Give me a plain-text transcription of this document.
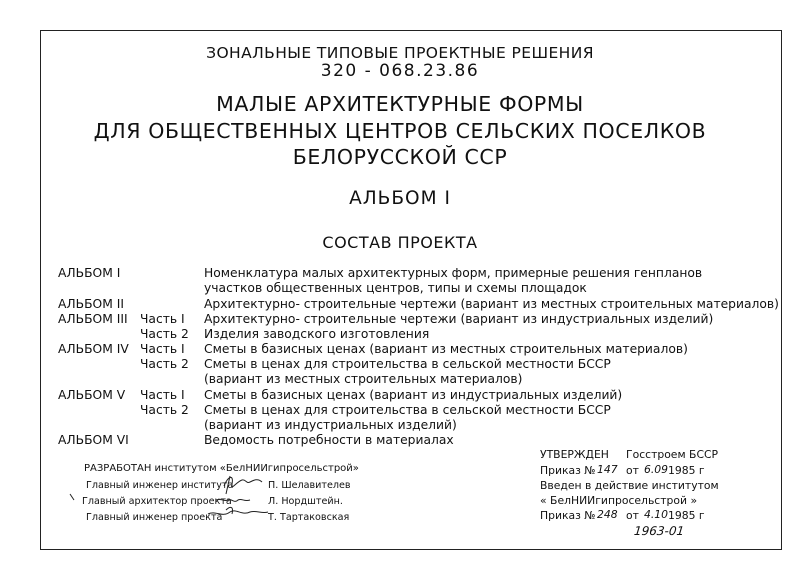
ЗОНАЛЬНЫЕ ТИПОВЫЕ ПРОЕКТНЫЕ РЕШЕНИЯ
320 - 068.23.86
МАЛЫЕ АРХИТЕКТУРНЫЕ ФОРМЫ
ДЛЯ ОБЩЕСТВЕННЫХ ЦЕНТРОВ СЕЛЬСКИХ ПОСЕЛКОВ
БЕЛОРУССКОЙ ССР
АЛЬБОМ I
СОСТАВ ПРОЕКТА
АЛЬБОМ I	Номенклатура малых архитектурных форм, примерные решения генпланов
участков общественных центров, типы и схемы площадок
АЛЬБОМ II	Архитектурно- строительные чертежи (вариант из местных строительных материалов)
АЛЬБОМ III Часть I Архитектурно- строительные чертежи (вариант из индустриальных изделий)
Часть 2 Изделия заводского изготовления
АЛЬБОМ IV Часть I Сметы в базисных ценах (вариант из местных строительных материалов)
Часть 2 Сметы в ценах для строительства в сельской местности БССР
(вариант из местных строительных материалов)
АЛЬБОМ V Часть I Сметы в базисных ценах (вариант из индустриальных изделий)
Часть 2 Сметы в ценах для строительства в сельской местности БССР
(вариант из индустриальных изделий)
АЛЬБОМ VI	Ведомость потребности в материалах
РАЗРАБОТАН институтом «БелНИИгипросельстрой»
Главный инженер института	П. Шелавителев
Главный архитектор проекта	Л. Нордштейн.
Главный инженер проекта	Т. Тартаковская
УТВЕРЖДЕН Госстроем БССР
Приказ № 147 от 6.09 1985 г
Введен в действие институтом
« БелНИИгипросельстрой »
Приказ № 248 от 4.10 1985 г
1963-01
